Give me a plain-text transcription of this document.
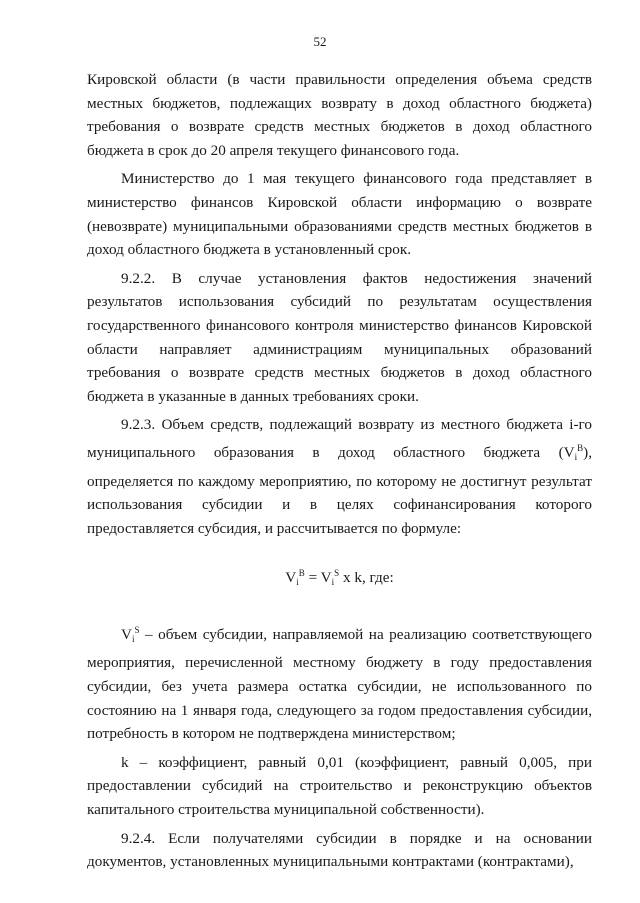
52

Кировской области (в части правильности определения объема средств местных бюджетов, подлежащих возврату в доход областного бюджета) требования о возврате средств местных бюджетов в доход областного бюджета в срок до 20 апреля текущего финансового года.

Министерство до 1 мая текущего финансового года представляет в министерство финансов Кировской области информацию о возврате (невозврате) муниципальными образованиями средств местных бюджетов в доход областного бюджета в установленный срок.

9.2.2. В случае установления фактов недостижения значений результатов использования субсидий по результатам осуществления государственного финансового контроля министерство финансов Кировской области направляет администрациям муниципальных образований требования о возврате средств местных бюджетов в доход областного бюджета в указанные в данных требованиях сроки.

9.2.3. Объем средств, подлежащий возврату из местного бюджета i-го муниципального образования в доход областного бюджета $(V_i^B)$, определяется по каждому мероприятию, по которому не достигнут результат использования субсидии и в целях софинансирования которого предоставляется субсидия, и рассчитывается по формуле:

$V_i^B = V_i^S$ x k, где:

$V_i^S$ – объем субсидии, направляемой на реализацию соответствующего мероприятия, перечисленной местному бюджету в году предоставления субсидии, без учета размера остатка субсидии, не использованного по состоянию на 1 января года, следующего за годом предоставления субсидии, потребность в котором не подтверждена министерством;

k – коэффициент, равный 0,01 (коэффициент, равный 0,005, при предоставлении субсидий на строительство и реконструкцию объектов капитального строительства муниципальной собственности).

9.2.4. Если получателями субсидии в порядке и на основании документов, установленных муниципальными контрактами (контрактами),
